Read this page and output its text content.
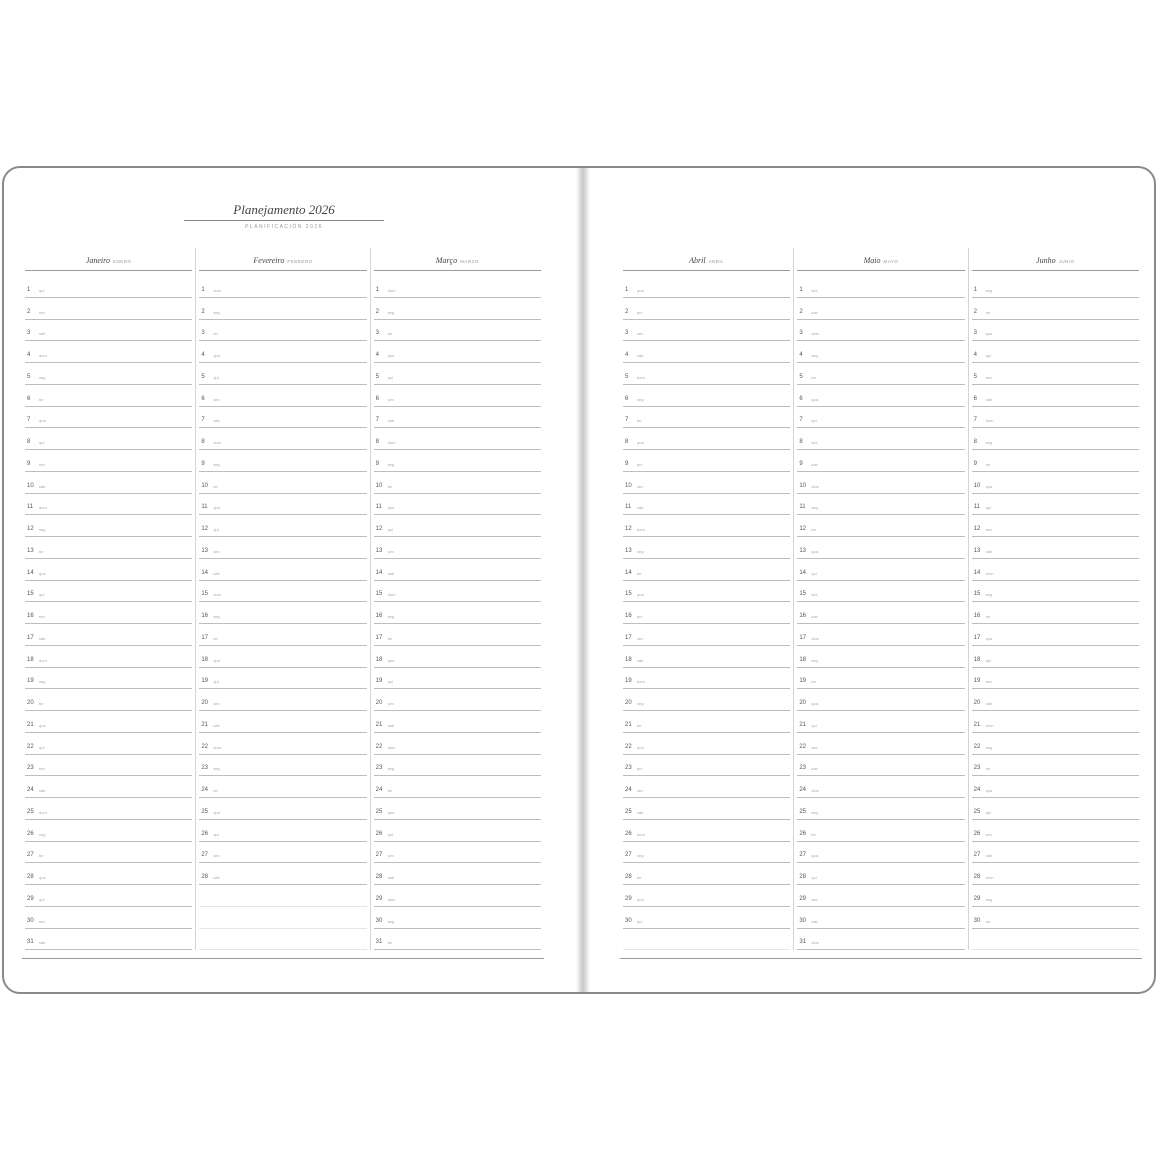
Planejamento 2026
PLANIFICACIÓN 2026
Janeiro ENERO
1	qui
2	sex
3	sáb
4	dom
5	seg
6	ter
7	qua
8	qui
9	sex
10	sáb
11	dom
12	seg
13	ter
14	qua
15	qui
16	sex
17	sáb
18	dom
19	seg
20	ter
21	qua
22	qui
23	sex
24	sáb
25	dom
26	seg
27	ter
28	qua
29	qui
30	sex
31	sáb
Fevereiro FEBRERO
1	dom
2	seg
3	ter
4	qua
5	qui
6	sex
7	sáb
8	dom
9	seg
10	ter
11	qua
12	qui
13	sex
14	sáb
15	dom
16	seg
17	ter
18	qua
19	qui
20	sex
21	sáb
22	dom
23	seg
24	ter
25	qua
26	qui
27	sex
28	sáb
Março MARZO
1	dom
2	seg
3	ter
4	qua
5	qui
6	sex
7	sáb
8	dom
9	seg
10	ter
11	qua
12	qui
13	sex
14	sáb
15	dom
16	seg
17	ter
18	qua
19	qui
20	sex
21	sáb
22	dom
23	seg
24	ter
25	qua
26	qui
27	sex
28	sáb
29	dom
30	seg
31	ter
Abril ABRIL
1	qua
2	qui
3	sex
4	sáb
5	dom
6	seg
7	ter
8	qua
9	qui
10	sex
11	sáb
12	dom
13	seg
14	ter
15	qua
16	qui
17	sex
18	sáb
19	dom
20	seg
21	ter
22	qua
23	qui
24	sex
25	sáb
26	dom
27	seg
28	ter
29	qua
30	qui
Maio MAYO
1	sex
2	sáb
3	dom
4	seg
5	ter
6	qua
7	qui
8	sex
9	sáb
10	dom
11	seg
12	ter
13	qua
14	qui
15	sex
16	sáb
17	dom
18	seg
19	ter
20	qua
21	qui
22	sex
23	sáb
24	dom
25	seg
26	ter
27	qua
28	qui
29	sex
30	sáb
31	dom
Junho JUNIO
1	seg
2	ter
3	qua
4	qui
5	sex
6	sáb
7	dom
8	seg
9	ter
10	qua
11	qui
12	sex
13	sáb
14	dom
15	seg
16	ter
17	qua
18	qui
19	sex
20	sáb
21	dom
22	seg
23	ter
24	qua
25	qui
26	sex
27	sáb
28	dom
29	seg
30	ter
